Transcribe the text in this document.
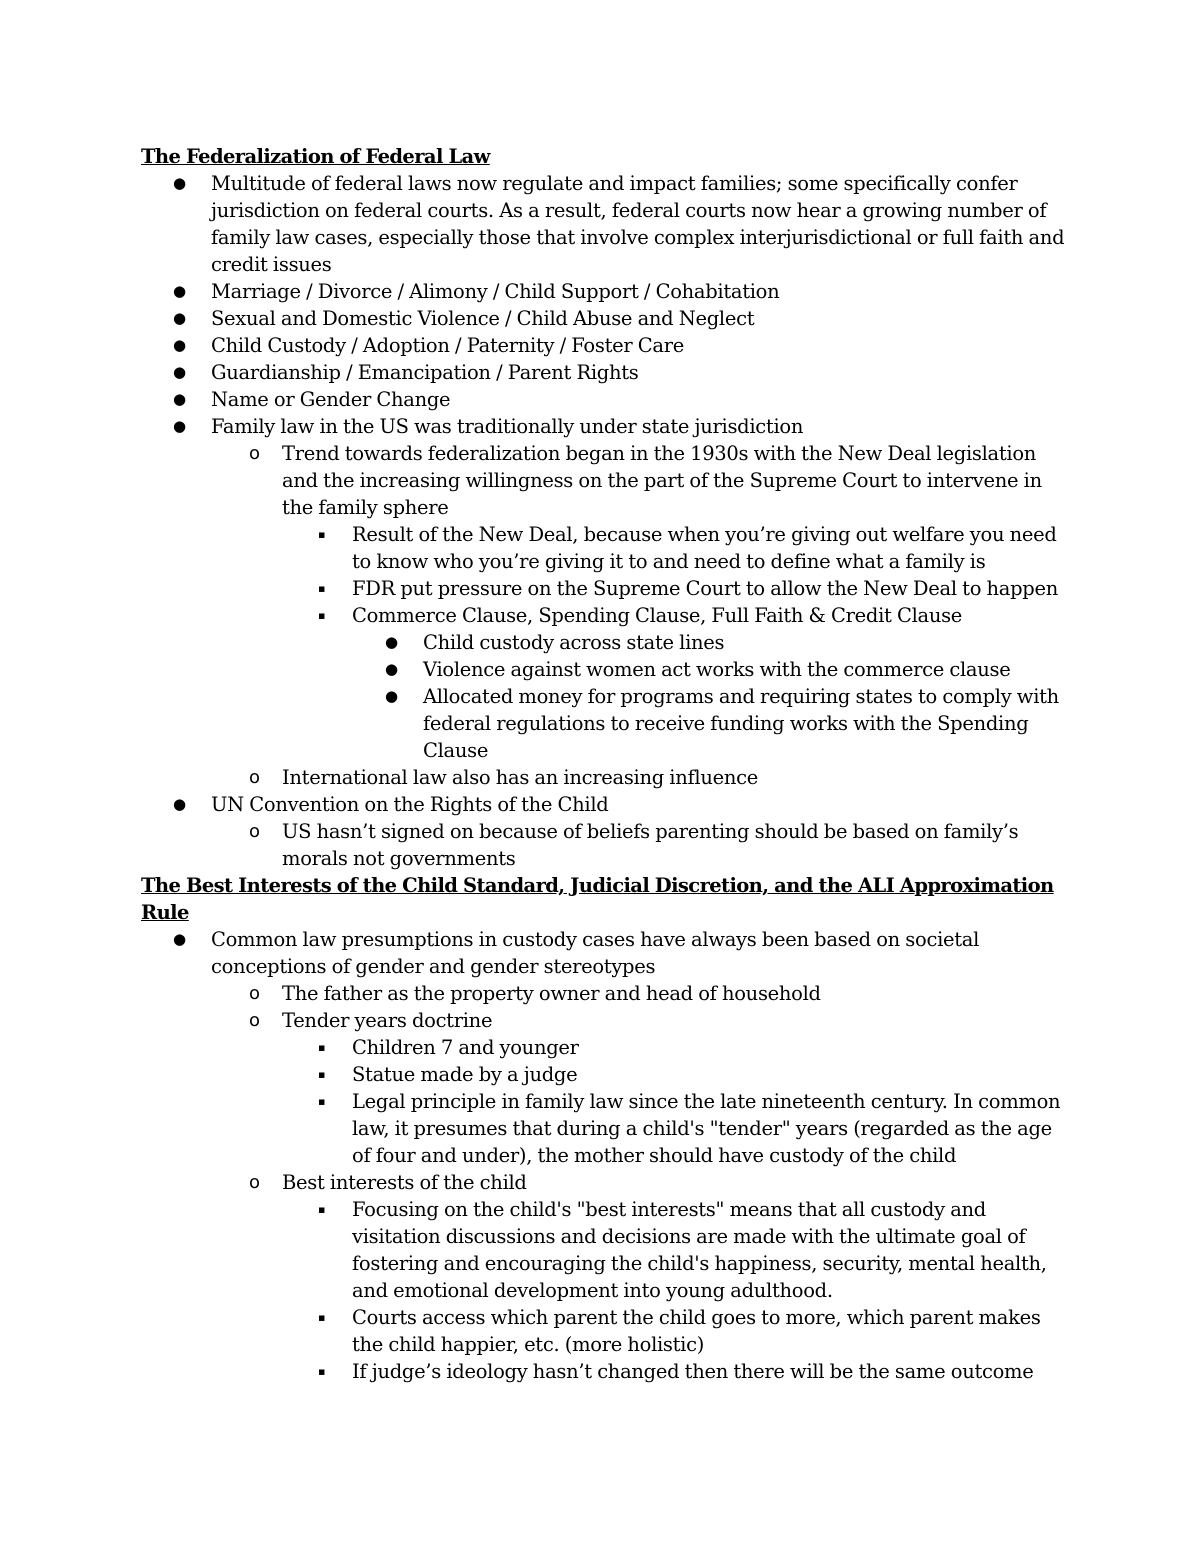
The Federalization of Federal Law
● Multitude of federal laws now regulate and impact families; some specifically confer jurisdiction on federal courts. As a result, federal courts now hear a growing number of family law cases, especially those that involve complex interjurisdictional or full faith and credit issues
● Marriage / Divorce / Alimony / Child Support / Cohabitation
● Sexual and Domestic Violence / Child Abuse and Neglect
● Child Custody / Adoption / Paternity / Foster Care
● Guardianship / Emancipation / Parent Rights
● Name or Gender Change
● Family law in the US was traditionally under state jurisdiction
o Trend towards federalization began in the 1930s with the New Deal legislation and the increasing willingness on the part of the Supreme Court to intervene in the family sphere
▪ Result of the New Deal, because when you’re giving out welfare you need to know who you’re giving it to and need to define what a family is
▪ FDR put pressure on the Supreme Court to allow the New Deal to happen
▪ Commerce Clause, Spending Clause, Full Faith & Credit Clause
● Child custody across state lines
● Violence against women act works with the commerce clause
● Allocated money for programs and requiring states to comply with federal regulations to receive funding works with the Spending Clause
o International law also has an increasing influence
● UN Convention on the Rights of the Child
o US hasn’t signed on because of beliefs parenting should be based on family’s morals not governments
The Best Interests of the Child Standard, Judicial Discretion, and the ALI Approximation Rule
● Common law presumptions in custody cases have always been based on societal conceptions of gender and gender stereotypes
o The father as the property owner and head of household
o Tender years doctrine
▪ Children 7 and younger
▪ Statue made by a judge
▪ Legal principle in family law since the late nineteenth century. In common law, it presumes that during a child's "tender" years (regarded as the age of four and under), the mother should have custody of the child
o Best interests of the child
▪ Focusing on the child's "best interests" means that all custody and visitation discussions and decisions are made with the ultimate goal of fostering and encouraging the child's happiness, security, mental health, and emotional development into young adulthood.
▪ Courts access which parent the child goes to more, which parent makes the child happier, etc. (more holistic)
▪ If judge’s ideology hasn’t changed then there will be the same outcome
